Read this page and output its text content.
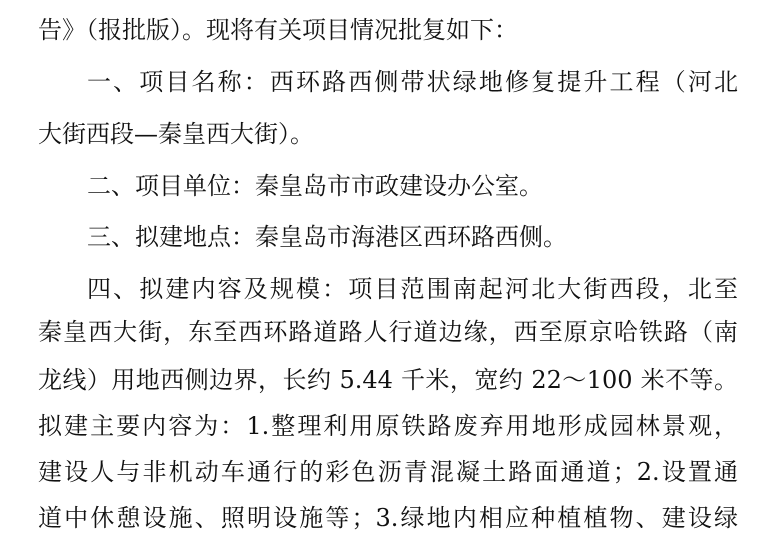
告》（报批版）。现将有关项目情况批复如下：
一、项目名称：西环路西侧带状绿地修复提升工程（河北
大街西段—秦皇西大街）。
二、项目单位：秦皇岛市市政建设办公室。
三、拟建地点：秦皇岛市海港区西环路西侧。
四、拟建内容及规模：项目范围南起河北大街西段，北至
秦皇西大街，东至西环路道路人行道边缘，西至原京哈铁路（南
龙线）用地西侧边界，长约 5.44 千米，宽约 22～100 米不等。
拟建主要内容为：1.整理利用原铁路废弃用地形成园林景观，
建设人与非机动车通行的彩色沥青混凝土路面通道；2.设置通
道中休憩设施、照明设施等；3.绿地内相应种植植物、建设绿
